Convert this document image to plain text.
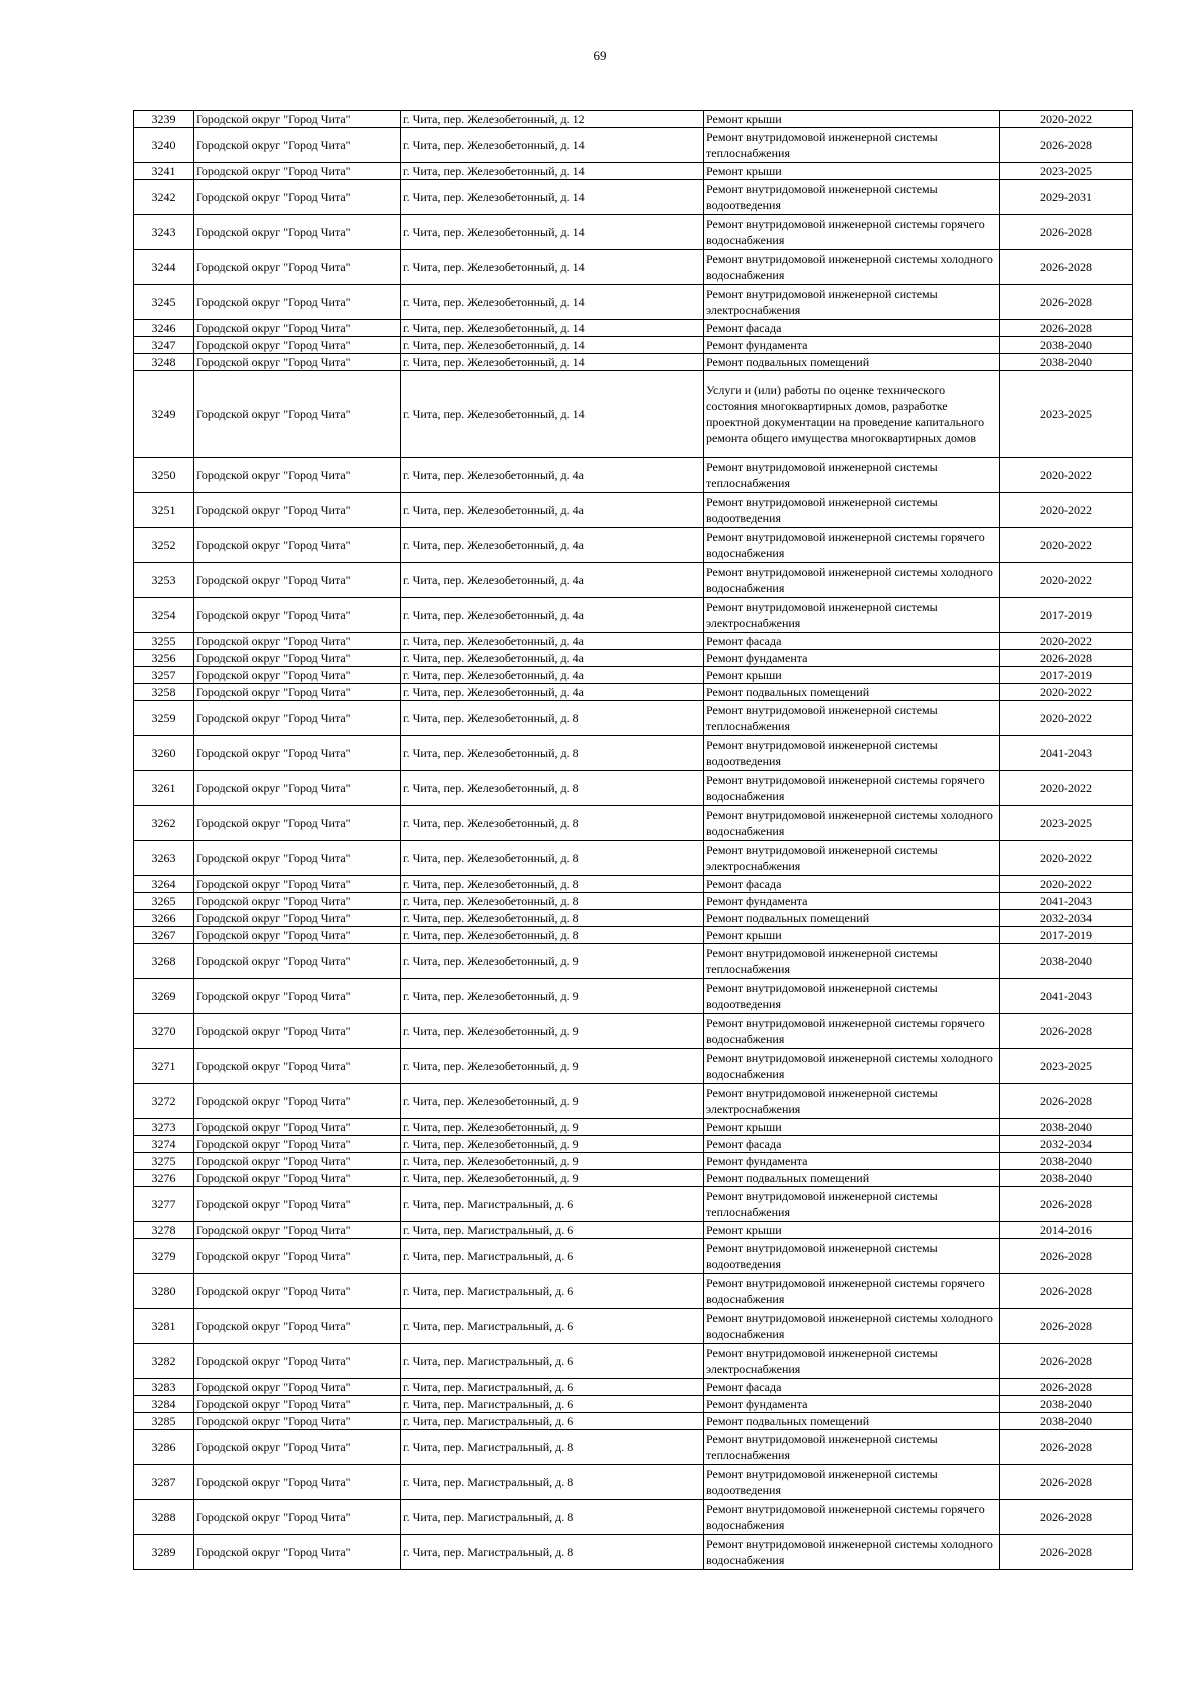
69
3239	Городской округ "Город Чита"	г. Чита, пер. Железобетонный, д. 12	Ремонт крыши	2020-2022
3240	Городской округ "Город Чита"	г. Чита, пер. Железобетонный, д. 14	Ремонт внутридомовой инженерной системы теплоснабжения	2026-2028
3241	Городской округ "Город Чита"	г. Чита, пер. Железобетонный, д. 14	Ремонт крыши	2023-2025
3242	Городской округ "Город Чита"	г. Чита, пер. Железобетонный, д. 14	Ремонт внутридомовой инженерной системы водоотведения	2029-2031
3243	Городской округ "Город Чита"	г. Чита, пер. Железобетонный, д. 14	Ремонт внутридомовой инженерной системы горячего водоснабжения	2026-2028
3244	Городской округ "Город Чита"	г. Чита, пер. Железобетонный, д. 14	Ремонт внутридомовой инженерной системы холодного водоснабжения	2026-2028
3245	Городской округ "Город Чита"	г. Чита, пер. Железобетонный, д. 14	Ремонт внутридомовой инженерной системы электроснабжения	2026-2028
3246	Городской округ "Город Чита"	г. Чита, пер. Железобетонный, д. 14	Ремонт фасада	2026-2028
3247	Городской округ "Город Чита"	г. Чита, пер. Железобетонный, д. 14	Ремонт фундамента	2038-2040
3248	Городской округ "Город Чита"	г. Чита, пер. Железобетонный, д. 14	Ремонт подвальных помещений	2038-2040
3249	Городской округ "Город Чита"	г. Чита, пер. Железобетонный, д. 14	Услуги и (или) работы по оценке технического состояния многоквартирных домов, разработке проектной документации на проведение капитального ремонта общего имущества многоквартирных домов	2023-2025
3250	Городской округ "Город Чита"	г. Чита, пер. Железобетонный, д. 4а	Ремонт внутридомовой инженерной системы теплоснабжения	2020-2022
3251	Городской округ "Город Чита"	г. Чита, пер. Железобетонный, д. 4а	Ремонт внутридомовой инженерной системы водоотведения	2020-2022
3252	Городской округ "Город Чита"	г. Чита, пер. Железобетонный, д. 4а	Ремонт внутридомовой инженерной системы горячего водоснабжения	2020-2022
3253	Городской округ "Город Чита"	г. Чита, пер. Железобетонный, д. 4а	Ремонт внутридомовой инженерной системы холодного водоснабжения	2020-2022
3254	Городской округ "Город Чита"	г. Чита, пер. Железобетонный, д. 4а	Ремонт внутридомовой инженерной системы электроснабжения	2017-2019
3255	Городской округ "Город Чита"	г. Чита, пер. Железобетонный, д. 4а	Ремонт фасада	2020-2022
3256	Городской округ "Город Чита"	г. Чита, пер. Железобетонный, д. 4а	Ремонт фундамента	2026-2028
3257	Городской округ "Город Чита"	г. Чита, пер. Железобетонный, д. 4а	Ремонт крыши	2017-2019
3258	Городской округ "Город Чита"	г. Чита, пер. Железобетонный, д. 4а	Ремонт подвальных помещений	2020-2022
3259	Городской округ "Город Чита"	г. Чита, пер. Железобетонный, д. 8	Ремонт внутридомовой инженерной системы теплоснабжения	2020-2022
3260	Городской округ "Город Чита"	г. Чита, пер. Железобетонный, д. 8	Ремонт внутридомовой инженерной системы водоотведения	2041-2043
3261	Городской округ "Город Чита"	г. Чита, пер. Железобетонный, д. 8	Ремонт внутридомовой инженерной системы горячего водоснабжения	2020-2022
3262	Городской округ "Город Чита"	г. Чита, пер. Железобетонный, д. 8	Ремонт внутридомовой инженерной системы холодного водоснабжения	2023-2025
3263	Городской округ "Город Чита"	г. Чита, пер. Железобетонный, д. 8	Ремонт внутридомовой инженерной системы электроснабжения	2020-2022
3264	Городской округ "Город Чита"	г. Чита, пер. Железобетонный, д. 8	Ремонт фасада	2020-2022
3265	Городской округ "Город Чита"	г. Чита, пер. Железобетонный, д. 8	Ремонт фундамента	2041-2043
3266	Городской округ "Город Чита"	г. Чита, пер. Железобетонный, д. 8	Ремонт подвальных помещений	2032-2034
3267	Городской округ "Город Чита"	г. Чита, пер. Железобетонный, д. 8	Ремонт крыши	2017-2019
3268	Городской округ "Город Чита"	г. Чита, пер. Железобетонный, д. 9	Ремонт внутридомовой инженерной системы теплоснабжения	2038-2040
3269	Городской округ "Город Чита"	г. Чита, пер. Железобетонный, д. 9	Ремонт внутридомовой инженерной системы водоотведения	2041-2043
3270	Городской округ "Город Чита"	г. Чита, пер. Железобетонный, д. 9	Ремонт внутридомовой инженерной системы горячего водоснабжения	2026-2028
3271	Городской округ "Город Чита"	г. Чита, пер. Железобетонный, д. 9	Ремонт внутридомовой инженерной системы холодного водоснабжения	2023-2025
3272	Городской округ "Город Чита"	г. Чита, пер. Железобетонный, д. 9	Ремонт внутридомовой инженерной системы электроснабжения	2026-2028
3273	Городской округ "Город Чита"	г. Чита, пер. Железобетонный, д. 9	Ремонт крыши	2038-2040
3274	Городской округ "Город Чита"	г. Чита, пер. Железобетонный, д. 9	Ремонт фасада	2032-2034
3275	Городской округ "Город Чита"	г. Чита, пер. Железобетонный, д. 9	Ремонт фундамента	2038-2040
3276	Городской округ "Город Чита"	г. Чита, пер. Железобетонный, д. 9	Ремонт подвальных помещений	2038-2040
3277	Городской округ "Город Чита"	г. Чита, пер. Магистральный, д. 6	Ремонт внутридомовой инженерной системы теплоснабжения	2026-2028
3278	Городской округ "Город Чита"	г. Чита, пер. Магистральный, д. 6	Ремонт крыши	2014-2016
3279	Городской округ "Город Чита"	г. Чита, пер. Магистральный, д. 6	Ремонт внутридомовой инженерной системы водоотведения	2026-2028
3280	Городской округ "Город Чита"	г. Чита, пер. Магистральный, д. 6	Ремонт внутридомовой инженерной системы горячего водоснабжения	2026-2028
3281	Городской округ "Город Чита"	г. Чита, пер. Магистральный, д. 6	Ремонт внутридомовой инженерной системы холодного водоснабжения	2026-2028
3282	Городской округ "Город Чита"	г. Чита, пер. Магистральный, д. 6	Ремонт внутридомовой инженерной системы электроснабжения	2026-2028
3283	Городской округ "Город Чита"	г. Чита, пер. Магистральный, д. 6	Ремонт фасада	2026-2028
3284	Городской округ "Город Чита"	г. Чита, пер. Магистральный, д. 6	Ремонт фундамента	2038-2040
3285	Городской округ "Город Чита"	г. Чита, пер. Магистральный, д. 6	Ремонт подвальных помещений	2038-2040
3286	Городской округ "Город Чита"	г. Чита, пер. Магистральный, д. 8	Ремонт внутридомовой инженерной системы теплоснабжения	2026-2028
3287	Городской округ "Город Чита"	г. Чита, пер. Магистральный, д. 8	Ремонт внутридомовой инженерной системы водоотведения	2026-2028
3288	Городской округ "Город Чита"	г. Чита, пер. Магистральный, д. 8	Ремонт внутридомовой инженерной системы горячего водоснабжения	2026-2028
3289	Городской округ "Город Чита"	г. Чита, пер. Магистральный, д. 8	Ремонт внутридомовой инженерной системы холодного водоснабжения	2026-2028
